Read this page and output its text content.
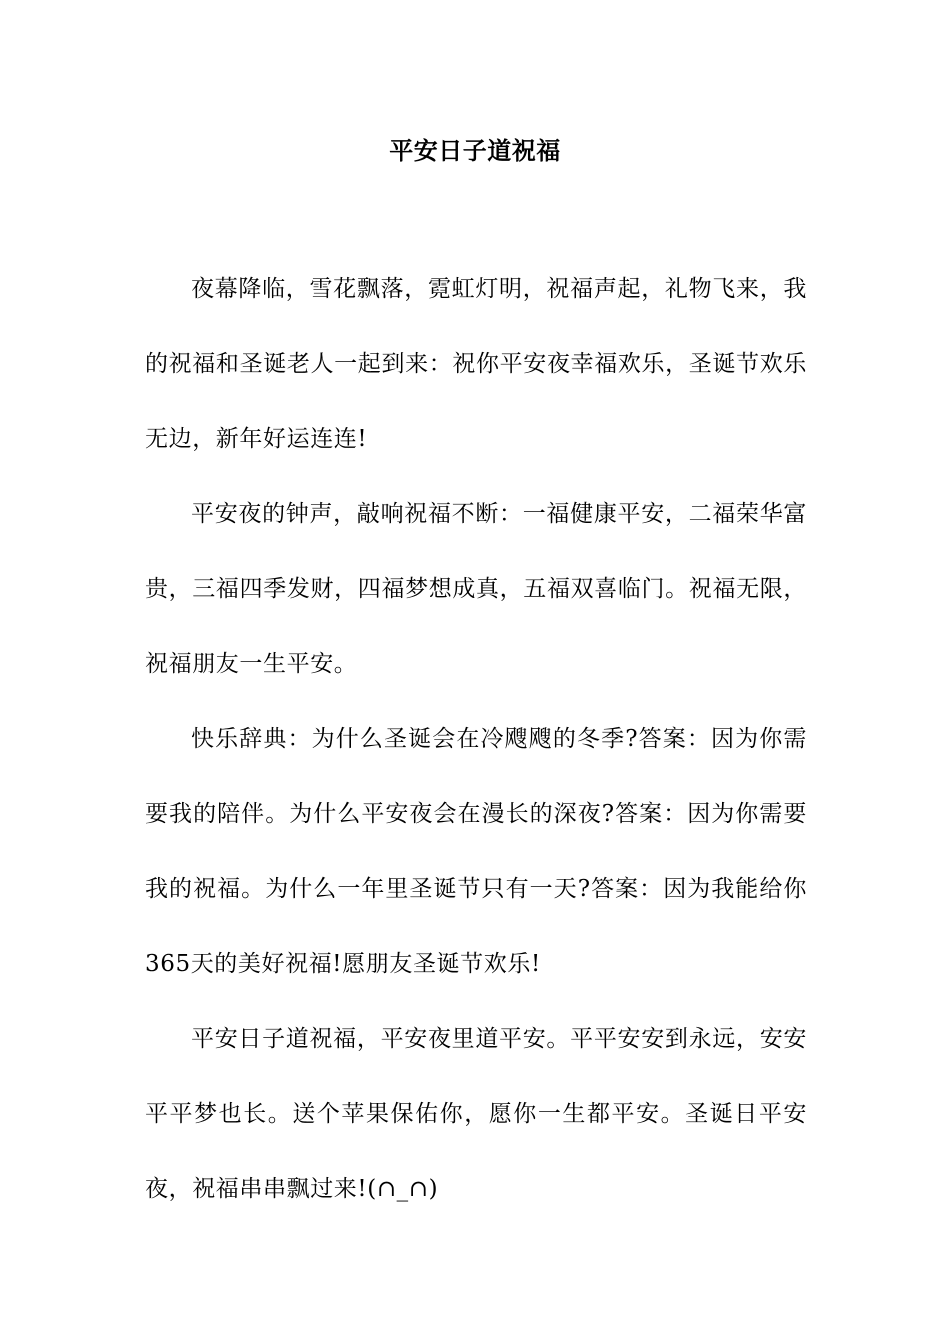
平安日子道祝福

夜幕降临，雪花飘落，霓虹灯明，祝福声起，礼物飞来，我的祝福和圣诞老人一起到来：祝你平安夜幸福欢乐，圣诞节欢乐无边，新年好运连连!

平安夜的钟声，敲响祝福不断：一福健康平安，二福荣华富贵，三福四季发财，四福梦想成真，五福双喜临门。祝福无限，祝福朋友一生平安。

快乐辞典：为什么圣诞会在冷飕飕的冬季?答案：因为你需要我的陪伴。为什么平安夜会在漫长的深夜?答案：因为你需要我的祝福。为什么一年里圣诞节只有一天?答案：因为我能给你365天的美好祝福!愿朋友圣诞节欢乐!

平安日子道祝福，平安夜里道平安。平平安安到永远，安安平平梦也长。送个苹果保佑你，愿你一生都平安。圣诞日平安夜，祝福串串飘过来!(∩_∩)
